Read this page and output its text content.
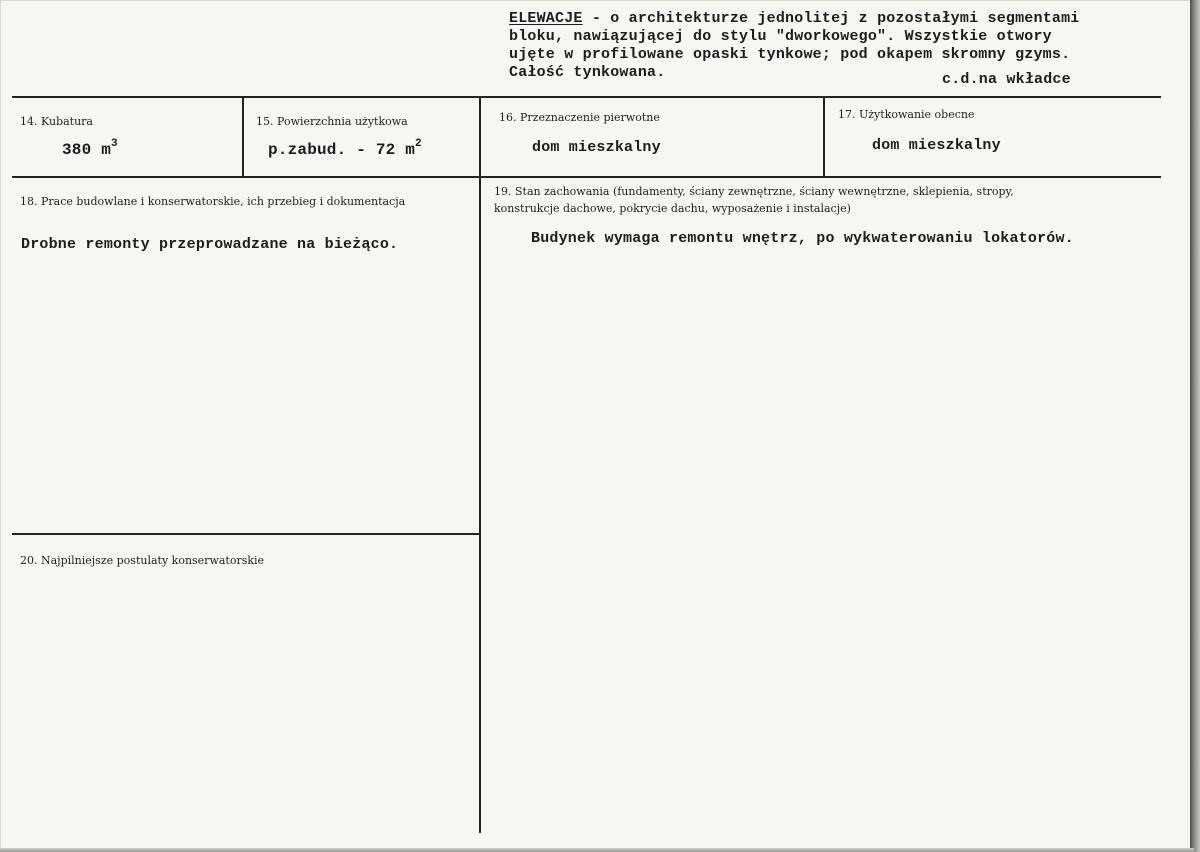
ELEWACJE - o architekturze jednolitej z pozostałymi segmentami
bloku, nawiązującej do stylu "dworkowego". Wszystkie otwory
ujęte w profilowane opaski tynkowe; pod okapem skromny gzyms.
Całość tynkowana.	c.d.na wkładce
14. Kubatura
380 $m^3$
15. Powierzchnia użytkowa
p.zabud. - 72 $m^2$
16. Przeznaczenie pierwotne
dom mieszkalny
17. Użytkowanie obecne
dom mieszkalny
18. Prace budowlane i konserwatorskie, ich przebieg i dokumentacja
Drobne remonty przeprowadzane na bieżąco.
19. Stan zachowania (fundamenty, ściany zewnętrzne, ściany wewnętrzne, sklepienia, stropy,
konstrukcje dachowe, pokrycie dachu, wyposażenie i instalacje)
Budynek wymaga remontu wnętrz, po wykwaterowaniu lokatorów.
20. Najpilniejsze postulaty konserwatorskie
